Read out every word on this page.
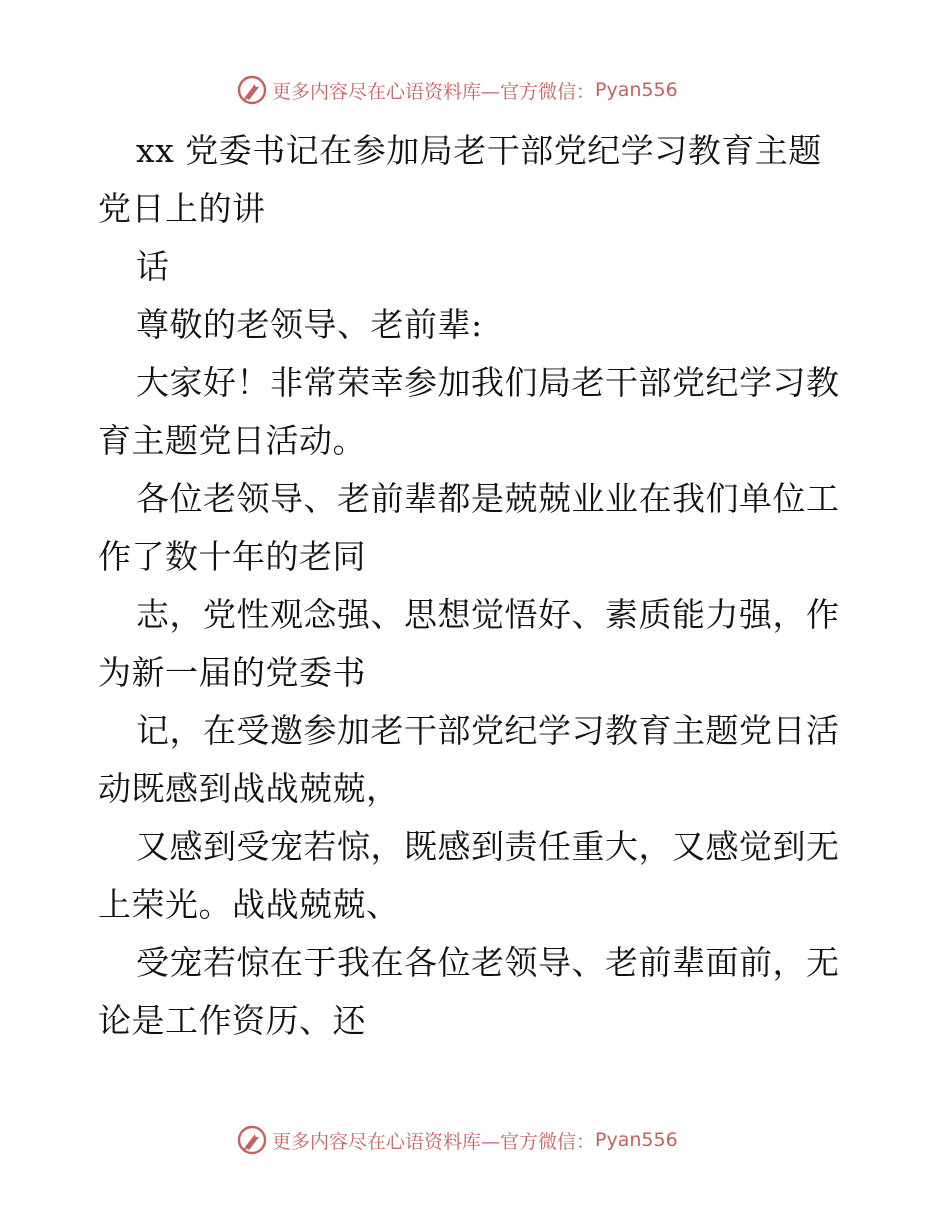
更多内容尽在心语资料库—官方微信： Pyan556
xx 党委书记在参加局老干部党纪学习教育主题
党日上的讲
话
尊敬的老领导、老前辈:
大家好！非常荣幸参加我们局老干部党纪学习教
育主题党日活动。
各位老领导、老前辈都是兢兢业业在我们单位工
作了数十年的老同
志，党性观念强、思想觉悟好、素质能力强，作
为新一届的党委书
记，在受邀参加老干部党纪学习教育主题党日活
动既感到战战兢兢，
又感到受宠若惊，既感到责任重大，又感觉到无
上荣光。战战兢兢、
受宠若惊在于我在各位老领导、老前辈面前，无
论是工作资历、还
更多内容尽在心语资料库—官方微信： Pyan556
